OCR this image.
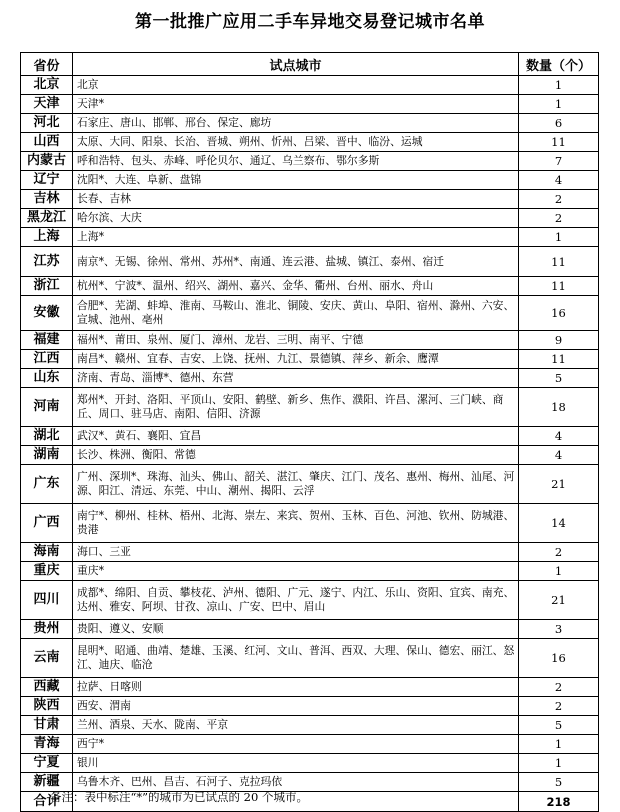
第一批推广应用二手车异地交易登记城市名单
省份	试点城市	数量（个）
北京	北京	1
天津	天津*	1
河北	石家庄、唐山、邯郸、邢台、保定、廊坊	6
山西	太原、大同、阳泉、长治、晋城、朔州、忻州、吕梁、晋中、临汾、运城	11
内蒙古	呼和浩特、包头、赤峰、呼伦贝尔、通辽、乌兰察布、鄂尔多斯	7
辽宁	沈阳*、大连、阜新、盘锦	4
吉林	长春、吉林	2
黑龙江	哈尔滨、大庆	2
上海	上海*	1
江苏	南京*、无锡、徐州、常州、苏州*、南通、连云港、盐城、镇江、泰州、宿迁	11
浙江	杭州*、宁波*、温州、绍兴、湖州、嘉兴、金华、衢州、台州、丽水、舟山	11
安徽	合肥*、芜湖、蚌埠、淮南、马鞍山、淮北、铜陵、安庆、黄山、阜阳、宿州、滁州、六安、宣城、池州、亳州	16
福建	福州*、莆田、泉州、厦门、漳州、龙岩、三明、南平、宁德	9
江西	南昌*、赣州、宜春、吉安、上饶、抚州、九江、景德镇、萍乡、新余、鹰潭	11
山东	济南、青岛、淄博*、德州、东营	5
河南	郑州*、开封、洛阳、平顶山、安阳、鹤壁、新乡、焦作、濮阳、许昌、漯河、三门峡、商丘、周口、驻马店、南阳、信阳、济源	18
湖北	武汉*、黄石、襄阳、宜昌	4
湖南	长沙、株洲、衡阳、常德	4
广东	广州、深圳*、珠海、汕头、佛山、韶关、湛江、肇庆、江门、茂名、惠州、梅州、汕尾、河源、阳江、清远、东莞、中山、潮州、揭阳、云浮	21
广西	南宁*、柳州、桂林、梧州、北海、崇左、来宾、贺州、玉林、百色、河池、钦州、防城港、贵港	14
海南	海口、三亚	2
重庆	重庆*	1
四川	成都*、绵阳、自贡、攀枝花、泸州、德阳、广元、遂宁、内江、乐山、资阳、宜宾、南充、达州、雅安、阿坝、甘孜、凉山、广安、巴中、眉山	21
贵州	贵阳、遵义、安顺	3
云南	昆明*、昭通、曲靖、楚雄、玉溪、红河、文山、普洱、西双、大理、保山、德宏、丽江、怒江、迪庆、临沧	16
西藏	拉萨、日喀则	2
陕西	西安、渭南	2
甘肃	兰州、酒泉、天水、陇南、平京	5
青海	西宁*	1
宁夏	银川	1
新疆	乌鲁木齐、巴州、昌吉、石河子、克拉玛依	5
合计		218
备注：表中标注“*”的城市为已试点的 20 个城市。
